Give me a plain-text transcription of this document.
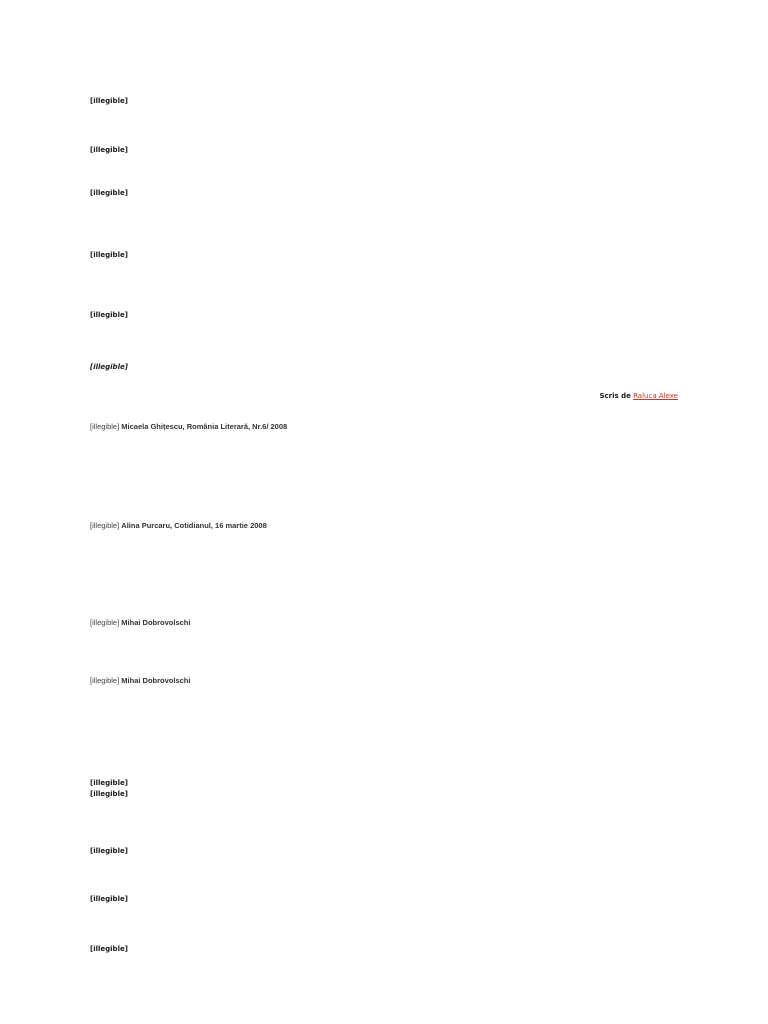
[illegible]
[illegible]
[illegible]
[illegible]
[illegible]
[illegible]
Scris de Raluca Alexe
[illegible] Micaela Ghițescu, România Literară, Nr.6/ 2008
[illegible] Alina Purcaru, Cotidianul, 16 martie 2008
[illegible] Mihai Dobrovolschi
[illegible] Mihai Dobrovolschi
[illegible]
[illegible]
[illegible]
[illegible]
[illegible]
